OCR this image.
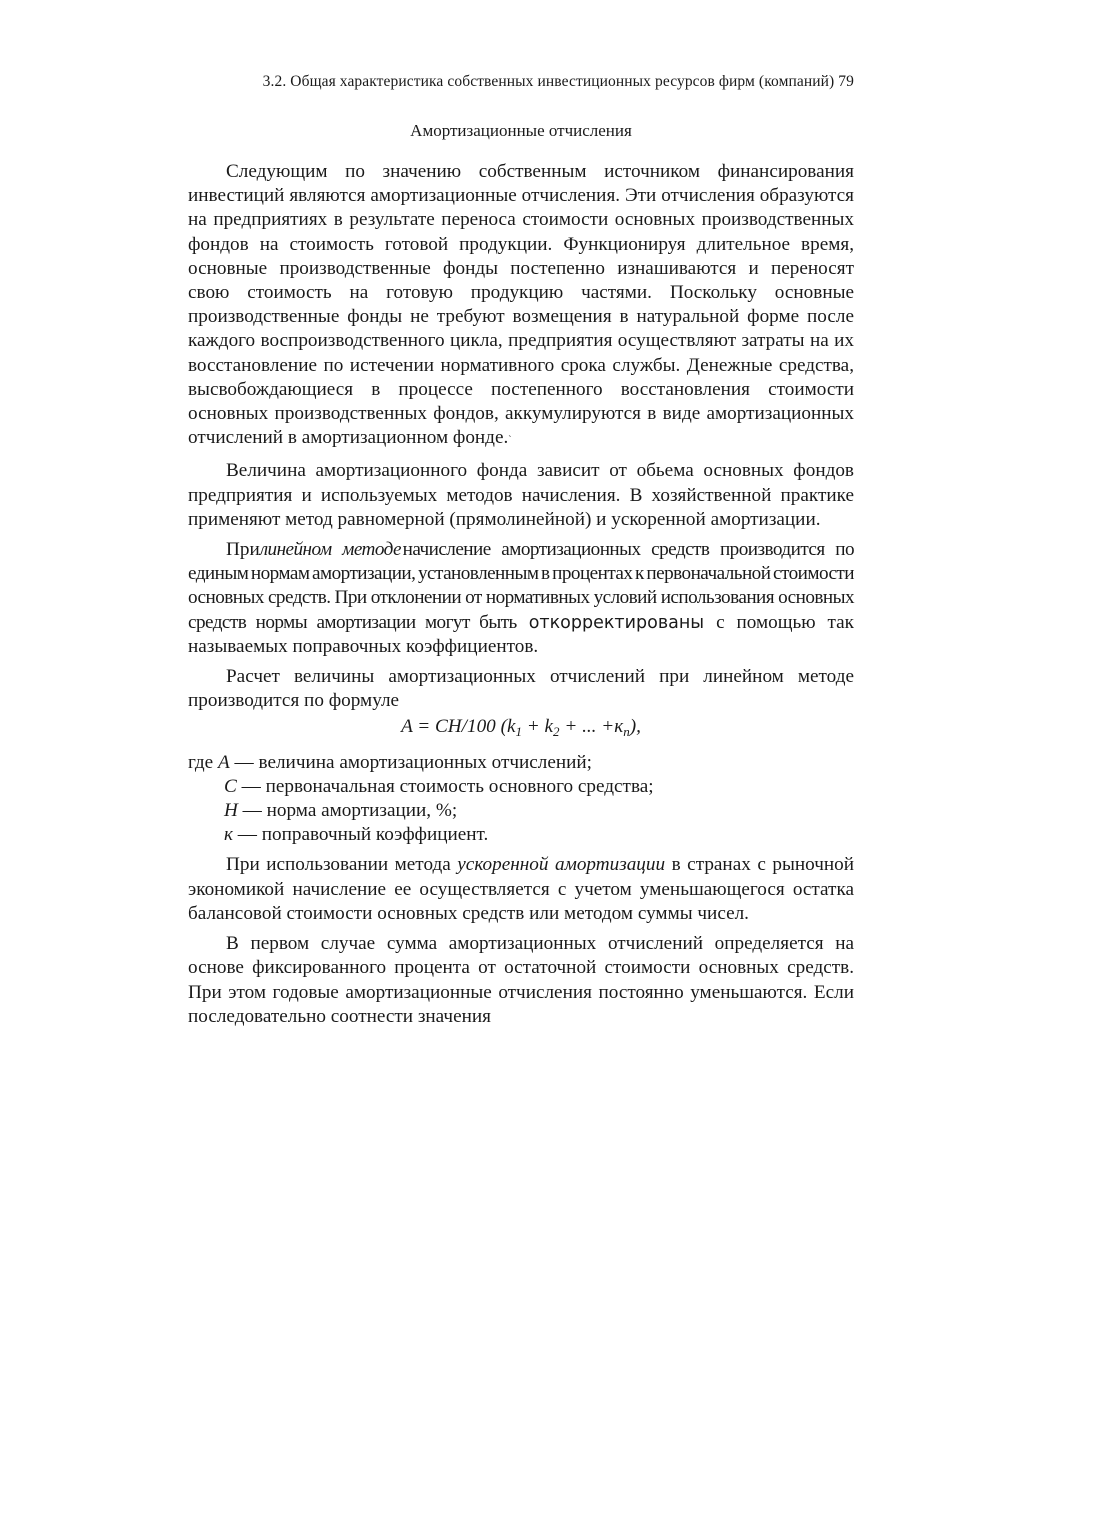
3.2. Общая характеристика собственных инвестиционных ресурсов фирм (компаний) 79
Амортизационные отчисления

Следующим по значению собственным источником финансирования инвестиций являются амортизационные отчисления. Эти отчисления образуются на предприятиях в результате переноса стоимости основных производственных фондов на стоимость готовой продукции. Функционируя длительное время, основные производственные фонды постепенно изнашиваются и переносят свою стоимость на готовую продукцию частями. Поскольку основные производственные фонды не требуют возмещения в натуральной форме после каждого воспроизводственного цикла, предприятия осуществляют затраты на их восстановление по истечении нормативного срока службы. Денежные средства, высвобождающиеся в процессе постепенного восстановления стоимости основных производственных фондов, аккумулируются в виде амортизационных отчислений в амортизационном фонде.`

Величина амортизационного фонда зависит от обьема основных фондов предприятия и используемых методов начисления. В хозяйственной практике применяют метод равномерной (прямолинейной) и ускоренной амортизации.

Прилинейном методе начисление амортизационных средств производится по единым нормам амортизации, установленным в процентах к первоначальной стоимости основных средств. При отклонении от нормативных условий использования основных средств нормы амортизации могут быть откорректированы с помощью так называемых поправочных коэффициентов.

Расчет величины амортизационных отчислений при линейном методе производится по формуле

A = CH/100 ($k_1 + k_2$ + ... $+к_n$),

где A — величина амортизационных отчислений;

C — первоначальная стоимость основного средства;
H — норма амортизации, %;
к — поправочный коэффициент.

При использовании метода ускоренной амортизации в странах с рыночной экономикой начисление ее осуществляется с учетом уменьшающегося остатка балансовой стоимости основных средств или методом суммы чисел.

В первом случае сумма амортизационных отчислений определяется на основе фиксированного процента от остаточной стоимости основных средств. При этом годовые амортизационные отчисления постоянно уменьшаются. Если последовательно соотнести значения
